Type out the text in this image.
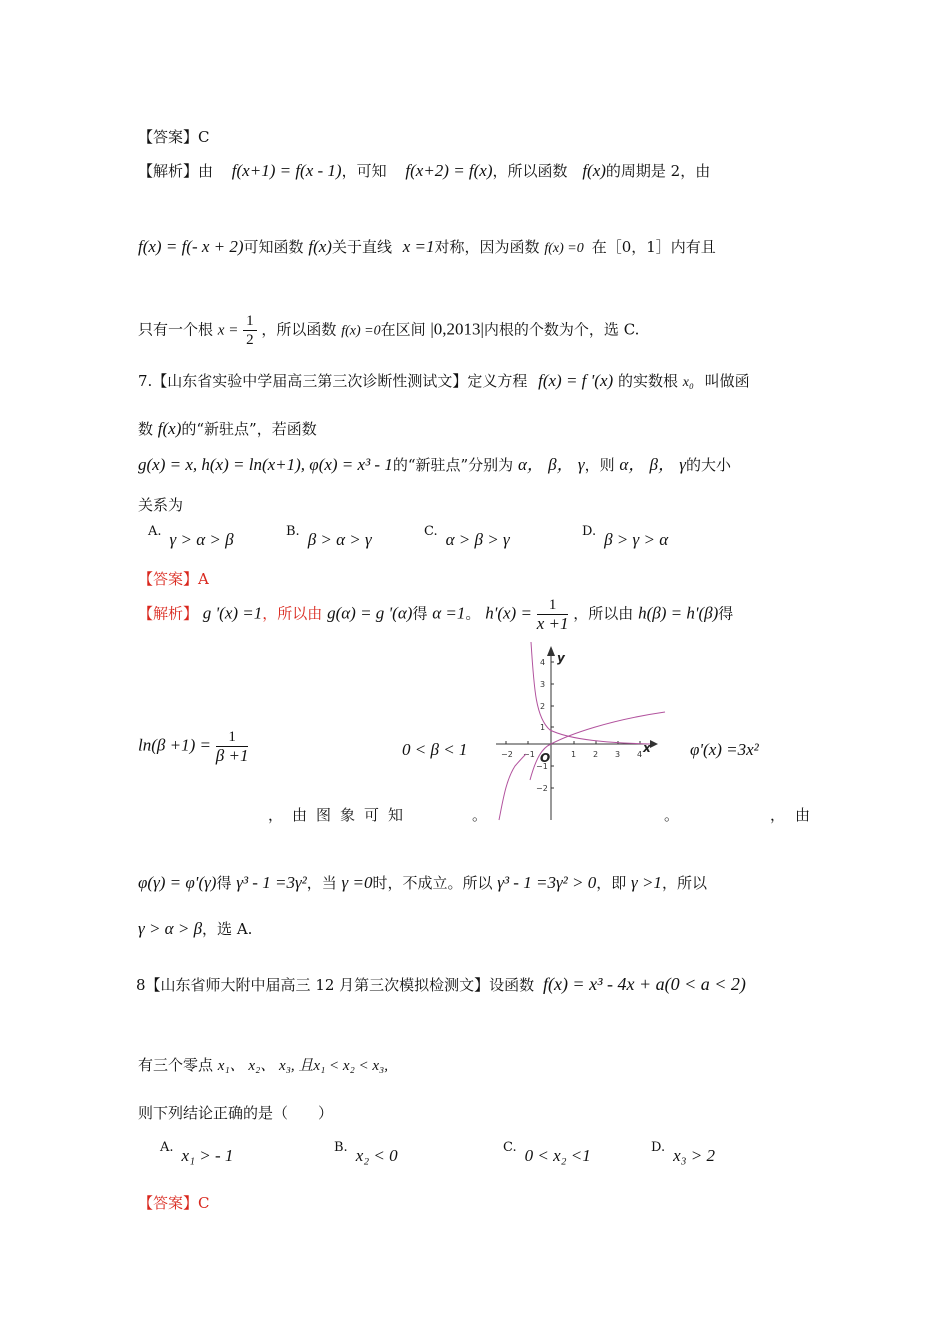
【答案】C
【解析】由 f(x+1) = f(x - 1)，可知 f(x+2) = f(x)，所以函数 f(x)的周期是 2，由
f(x) = f(- x + 2)可知函数 f(x)关于直线 x =1对称，因为函数 f(x) =0 在［0，1］内有且
只有一个根 $x = \frac{1}{2}$ ，所以函数 f(x) =0在区间 |0,2013|内根的个数为个，选 C.
7.【山东省实验中学届高三第三次诊断性测试文】定义方程 f(x) = f '(x) 的实数根 x₀ 叫做函
数 f(x)的“新驻点”，若函数
g(x) = x, h(x) = ln(x+1), φ(x) = x³ - 1的“新驻点”分别为 α， β， γ，则 α， β， γ的大小
关系为
A. γ > α > β	B. β > α > γ	C. α > β > γ	D. β > γ > α
【答案】A
【解析】 g '(x) =1，所以由 g(α) = g '(α)得 α =1。 $h'(x) = \frac{1}{x +1}$ ，所以由 h(β) = h'(β)得
$\ln(\beta +1) = \frac{1}{\beta +1}$	0 < β < 1	φ'(x) =3x²
−2 −1	1 2 3 4
4
3
2
1
−1
−2
y
x
O
，由图象可知	。	。	，由
φ(γ) = φ'(γ)得 γ³ - 1 =3γ²，当 γ =0时，不成立。所以 γ³ - 1 =3γ² > 0，即 γ >1，所以
γ > α > β，选 A.
8【山东省师大附中届高三 12 月第三次模拟检测文】设函数 f(x) = x³ - 4x + a(0 < a < 2)
有三个零点 x₁、 x₂、 x₃, 且x₁ < x₂ < x₃,
则下列结论正确的是（　　）
A. x₁ > - 1	B. x₂ < 0	C. 0 < x₂ <1	D. x₃ > 2
【答案】C
